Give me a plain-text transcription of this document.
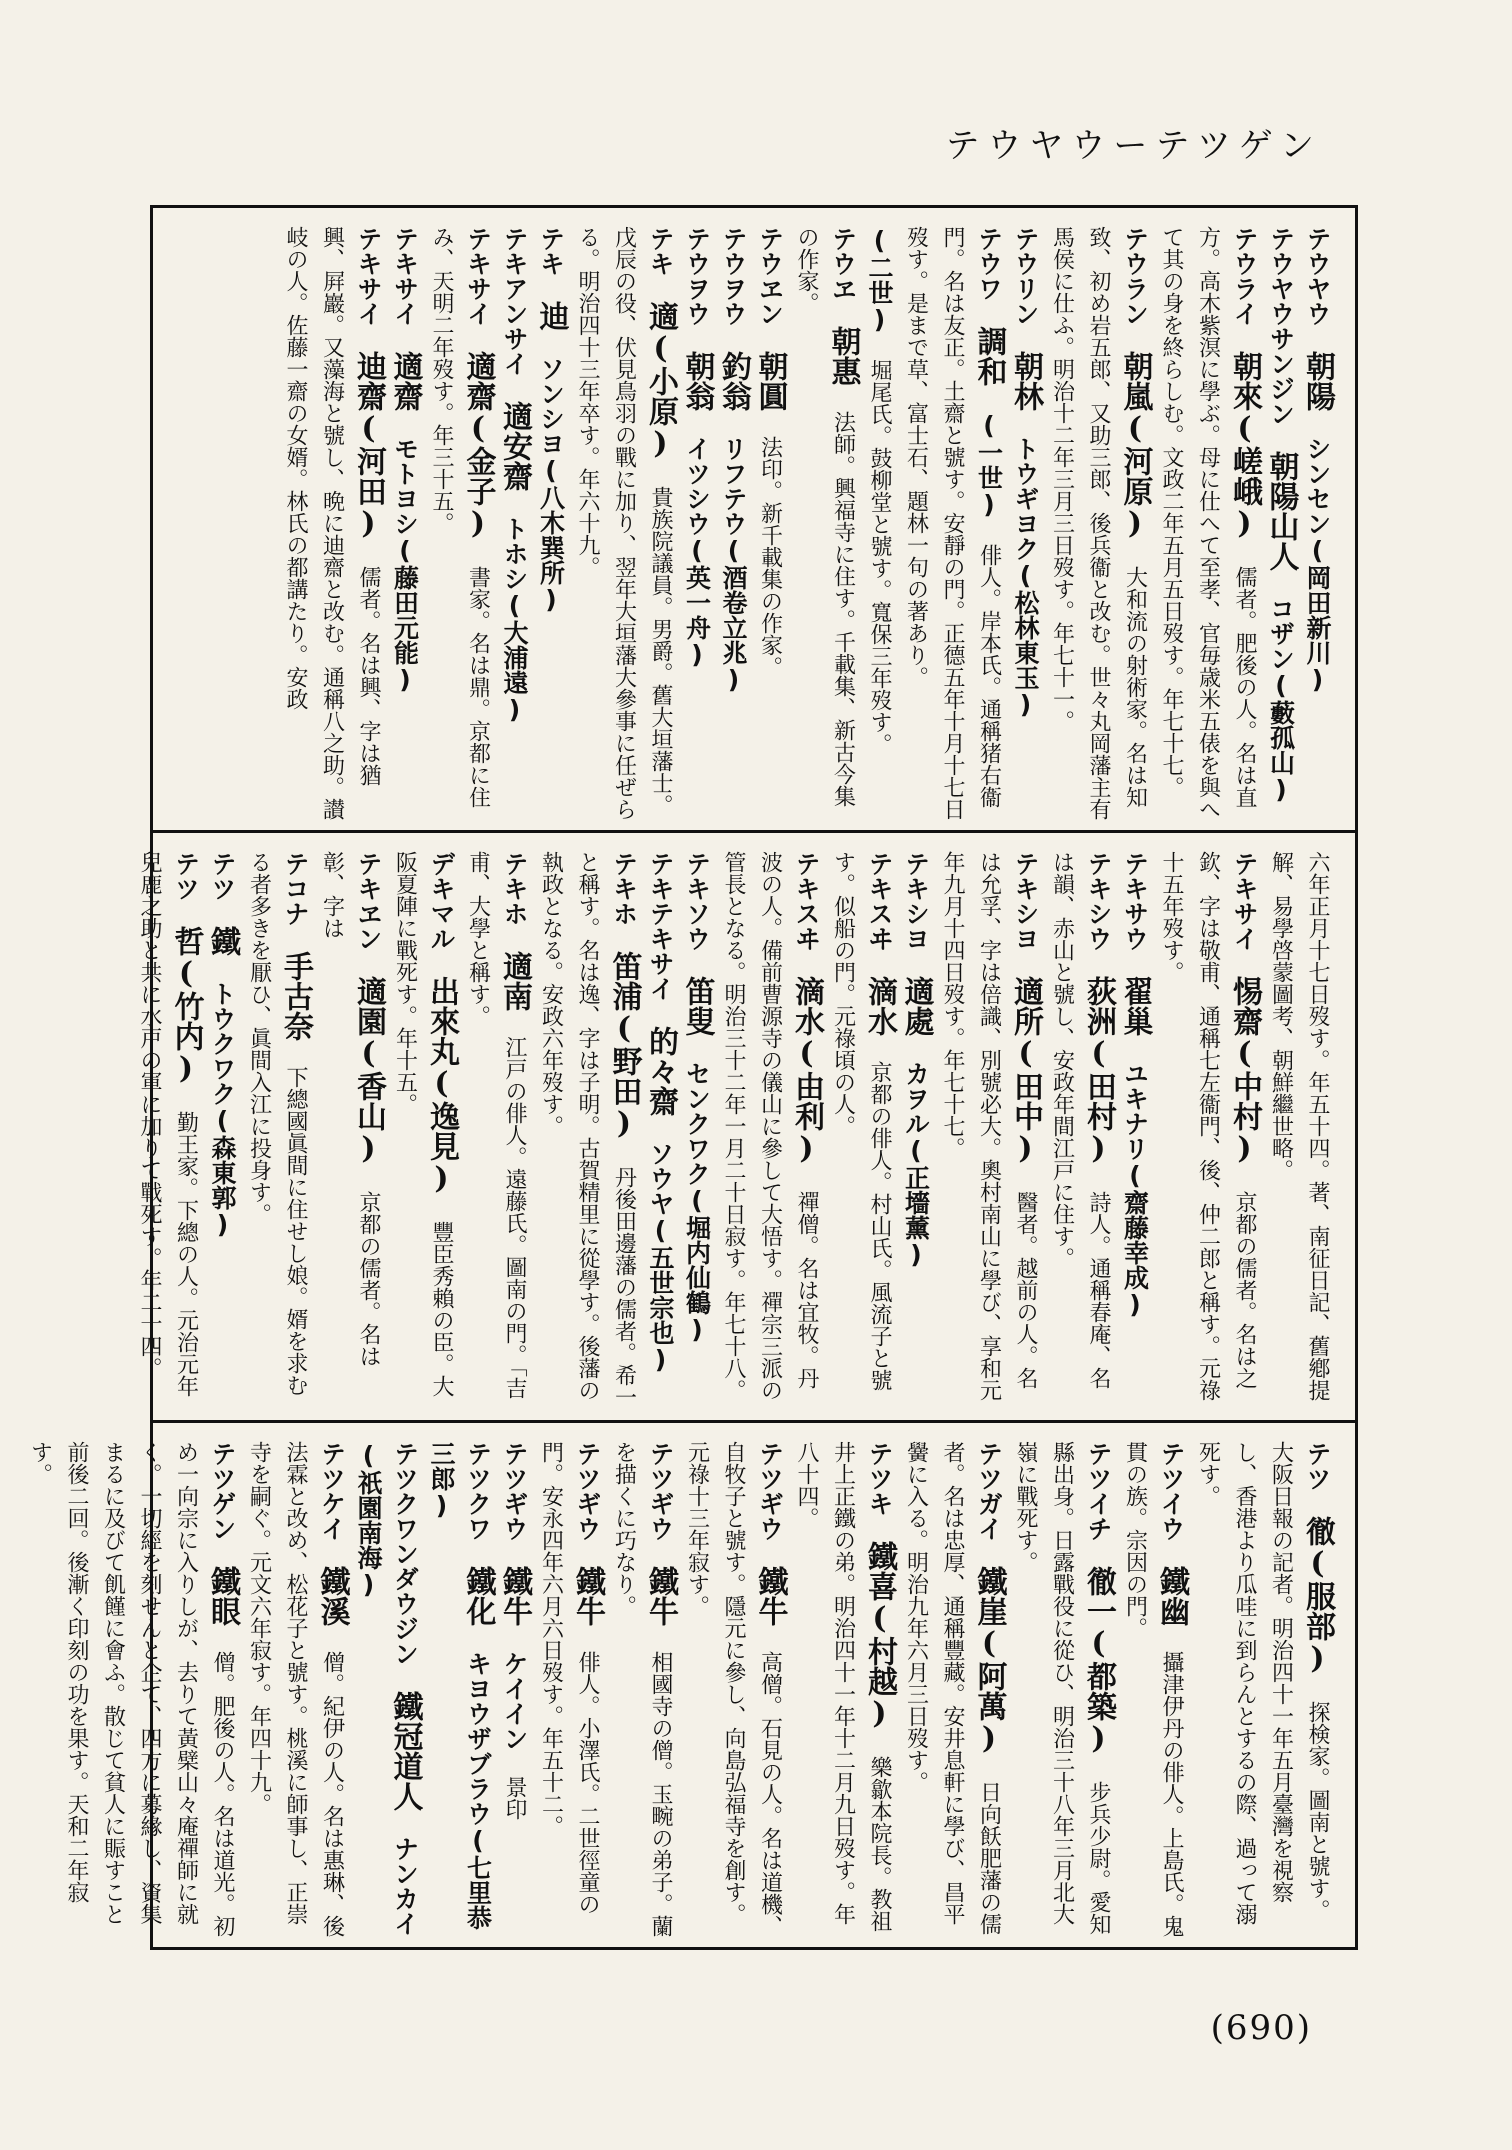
テウヤウーテツゲン

テウヤウ　朝陽　シンセン(岡田新川)　

テウヤウサンジン　朝陽山人　コザン(藪孤山)　

テウライ　朝來(嵯峨)　儒者。肥後の人。名は直方。高木紫溟に學ぶ。母に仕へて至孝、官毎歳米五俵を與へて其の身を終らしむ。文政二年五月五日歿す。年七十七。

テウラン　朝嵐(河原)　大和流の射術家。名は知致、初め岩五郎、又助三郎、後兵衞と改む。世々丸岡藩主有馬侯に仕ふ。明治十二年三月三日歿す。年七十一。

テウリン　朝林　トウギヨク(松林東玉)　

テウワ　調和　(一世)　俳人。岸本氏。通稱猪右衞門。名は友正。土齋と號す。安靜の門。正德五年十月十七日歿す。是まで草、富士石、題林一句の著あり。

(二世)　堀尾氏。鼓柳堂と號す。寬保三年歿す。

テウヱ　朝惠　法師。興福寺に住す。千載集、新古今集の作家。

テウヱン　朝圓　法印。新千載集の作家。

テウヲウ　釣翁　リフテウ(酒卷立兆)　

テウヲウ　朝翁　イツシウ(英一舟)　

テキ　適(小原)　貴族院議員。男爵。舊大垣藩士。戊辰の役、伏見鳥羽の戰に加り、翌年大垣藩大參事に任ぜらる。明治四十三年卒す。年六十九。

テキ　迪　ソンシヨ(八木巽所)　

テキアンサイ　適安齋　トホシ(大浦遠)　

テキサイ　適齋(金子)　書家。名は鼎。京都に住み、天明二年歿す。年三十五。

テキサイ　適齋　モトヨシ(藤田元能)　

テキサイ　迪齋(河田)　儒者。名は興、字は猶興、屛巖。又藻海と號し、晩に迪齋と改む。通稱八之助。讃岐の人。佐藤一齋の女婿。林氏の都講たり。安政

六年正月十七日歿す。年五十四。著、南征日記、舊鄕提解、易學啓蒙圖考、朝鮮繼世略。

テキサイ　惕齋(中村)　京都の儒者。名は之欽、字は敬甫、通稱七左衞門、後、仲二郎と稱す。元祿十五年歿す。

テキサウ　翟巢　ユキナリ(齋藤幸成)　

テキシウ　荻洲(田村)　詩人。通稱春庵、名は韻、赤山と號し、安政年間江戸に住す。

テキシヨ　適所(田中)　醫者。越前の人。名は允孚、字は倍識、別號必大。奧村南山に學び、享和元年九月十四日歿す。年七十七。

テキシヨ　適處　カヲル(正墻薰)　

テキスヰ　滴水　京都の俳人。村山氏。風流子と號す。似船の門。元祿頃の人。

テキスヰ　滴水(由利)　禪僧。名は宜牧。丹波の人。備前曹源寺の儀山に參して大悟す。禪宗三派の管長となる。明治三十二年一月二十日寂す。年七十八。

テキソウ　笛叟　センクワク(堀内仙鶴)　

テキテキサイ　的々齋　ソウヤ(五世宗也)　

テキホ　笛浦(野田)　丹後田邊藩の儒者。希一と稱す。名は逸、字は子明。古賀精里に從學す。後藩の執政となる。安政六年歿す。

テキホ　適南　江戸の俳人。遠藤氏。圖南の門。「吉甫、大學と稱す。

デキマル　出來丸(逸見)　豐臣秀賴の臣。大阪夏陣に戰死す。年十五。

テキヱン　適園(香山)　京都の儒者。名は彰、字は

テコナ　手古奈　下總國眞間に住せし娘。婿を求むる者多きを厭ひ、眞間入江に投身す。

テツ　鐵　トウクワク(森東郭)　

テツ　哲(竹内)　勤王家。下總の人。元治元年兒鹿之助と共に水戸の軍に加りて戰死す。年二十四。

テツ　徹(服部)　探検家。圖南と號す。大阪日報の記者。明治四十一年五月臺灣を視察し、香港より瓜哇に到らんとするの際、過って溺死す。

テツイウ　鐵幽　攝津伊丹の俳人。上島氏。鬼貫の族。宗因の門。

テツイチ　徹一(都築)　步兵少尉。愛知縣出身。日露戰役に從ひ、明治三十八年三月北大嶺に戰死す。

テツガイ　鐵崖(阿萬)　日向飫肥藩の儒者。名は忠厚、通稱豐藏。安井息軒に學び、昌平黌に入る。明治九年六月三日歿す。

テツキ　鐵喜(村越)　樂歙本院長。教祖井上正鐵の弟。明治四十一年十二月九日歿す。年八十四。

テツギウ　鐵牛　高僧。石見の人。名は道機、自牧子と號す。隱元に參し、向島弘福寺を創す。元祿十三年寂す。

テツギウ　鐵牛　相國寺の僧。玉畹の弟子。蘭を描くに巧なり。

テツギウ　鐵牛　俳人。小澤氏。二世徑童の門。安永四年六月六日歿す。年五十二。

テツギウ　鐵牛　ケイイン　景印

テツクワ　鐵化　キヨウザブラウ(七里恭三郎)　

テツクワンダウジン　鐵冠道人　ナンカイ(祇園南海)　

テツケイ　鐵溪　僧。紀伊の人。名は惠琳、後法霖と改め、松花子と號す。桃溪に師事し、正崇寺を嗣ぐ。元文六年寂す。年四十九。

テツゲン　鐵眼　僧。肥後の人。名は道光。初め一向宗に入りしが、去りて黃檗山々庵禪師に就く。一切經を刻せんと企て、四方に募緣し、資集まるに及びて飢饉に會ふ。散じて貧人に賑すこと前後二回。後漸く印刻の功を果す。天和二年寂す。

(690)
